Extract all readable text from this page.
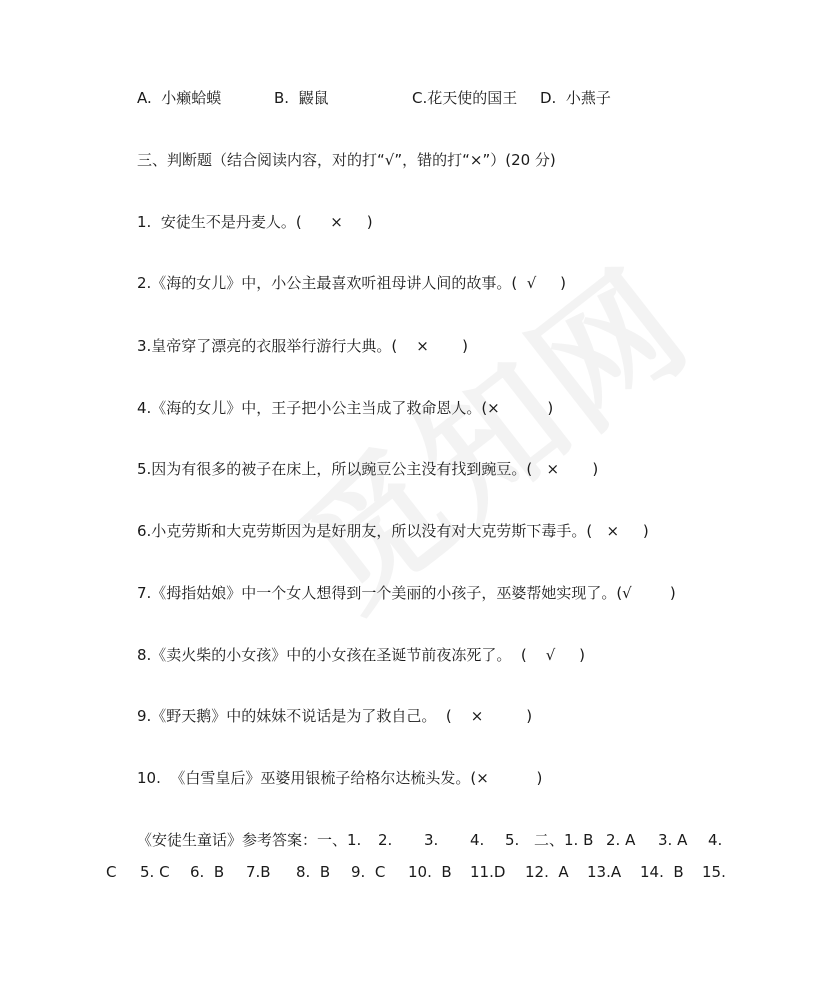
A.  小癞蛤蟆	B.  鼹鼠	C.花天使的国王 D.  小燕子
三、判断题（结合阅读内容，对的打“√”，错的打“×”）(20 分)
1.  安徒生不是丹麦人。(      ×     )
2.《海的女儿》中，小公主最喜欢听祖母讲人间的故事。(  √     )
3.皇帝穿了漂亮的衣服举行游行大典。(    ×       )
4.《海的女儿》中，王子把小公主当成了救命恩人。(×          )
5.因为有很多的被子在床上，所以豌豆公主没有找到豌豆。(   ×       )
6.小克劳斯和大克劳斯因为是好朋友，所以没有对大克劳斯下毒手。(   ×     )
7.《拇指姑娘》中一个女人想得到一个美丽的小孩子，巫婆帮她实现了。(√        )
8.《卖火柴的小女孩》中的小女孩在圣诞节前夜冻死了。  (    √     )
9.《野天鹅》中的妹妹不说话是为了救自己。  (    ×         )
10.  《白雪皇后》巫婆用银梳子给格尔达梳头发。(×          )
《安徒生童话》参考答案：一、1. 2. 3. 4. 5. 二、1. B 2. A 3. A 4.
C 5. C 6.  B 7.B 8.  B 9.  C 10.  B 11.D 12.  A 13.A 14.  B 15.
